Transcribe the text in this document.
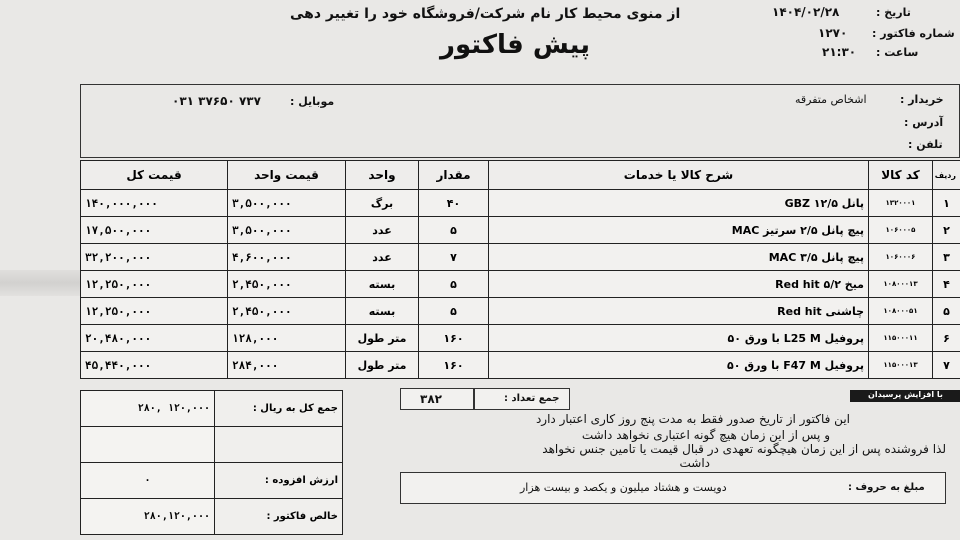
تاریخ :
۱۴۰۴/۰۲/۲۸
از منوی محیط کار نام شرکت/فروشگاه خود را تغییر دهی
شماره فاکتور :
۱۲۷۰
ساعت :
۲۱:۳۰
پیش فاکتور
خریدار :
اشخاص متفرقه
موبایل :
۰۳۱ ۳۷۶۵۰ ۷۳۷
آدرس :
تلفن :
ردیف	کد کالا	شرح کالا یا خدمات	مقدار	واحد	قیمت واحد	قیمت کل
۱	۱۳۲۰۰۰۱	پانل GBZ ۱۲/۵	۴۰	برگ	۳,۵۰۰,۰۰۰	۱۴۰,۰۰۰,۰۰۰
۲	۱۰۶۰۰۰۵	پیچ پانل ۲/۵ سرتیز MAC	۵	عدد	۳,۵۰۰,۰۰۰	۱۷,۵۰۰,۰۰۰
۳	۱۰۶۰۰۰۶	پیچ پانل ۳/۵ MAC	۷	عدد	۴,۶۰۰,۰۰۰	۳۲,۲۰۰,۰۰۰
۴	۱۰۸۰۰۰۱۳	میخ ۵/۲ Red hit	۵	بسته	۲,۴۵۰,۰۰۰	۱۲,۲۵۰,۰۰۰
۵	۱۰۸۰۰۰۵۱	چاشنی Red hit	۵	بسته	۲,۴۵۰,۰۰۰	۱۲,۲۵۰,۰۰۰
۶	۱۱۵۰۰۰۱۱	پروفیل L25 M با ورق ۵۰	۱۶۰	متر طول	۱۲۸,۰۰۰	۲۰,۴۸۰,۰۰۰
۷	۱۱۵۰۰۰۱۳	پروفیل F47 M با ورق ۵۰	۱۶۰	متر طول	۲۸۴,۰۰۰	۴۵,۴۴۰,۰۰۰
۳۸۲	جمع تعداد :	با افزایش پرسیدان
۲۸۰, ۱۲۰,۰۰۰	جمع کل به ریال :

۰	ارزش افزوده :
۲۸۰,۱۲۰,۰۰۰	خالص فاکتور :
این فاکتور از تاریخ صدور فقط به مدت پنج روز کاری اعتبار دارد
و پس از این زمان هیچ گونه اعتباری نخواهد داشت
لذا فروشنده پس از این زمان هیچگونه تعهدی در قبال قیمت یا تامین جنس نخواهد
داشت
مبلغ به حروف :
دویست و هشتاد میلیون و یکصد و بیست هزار
